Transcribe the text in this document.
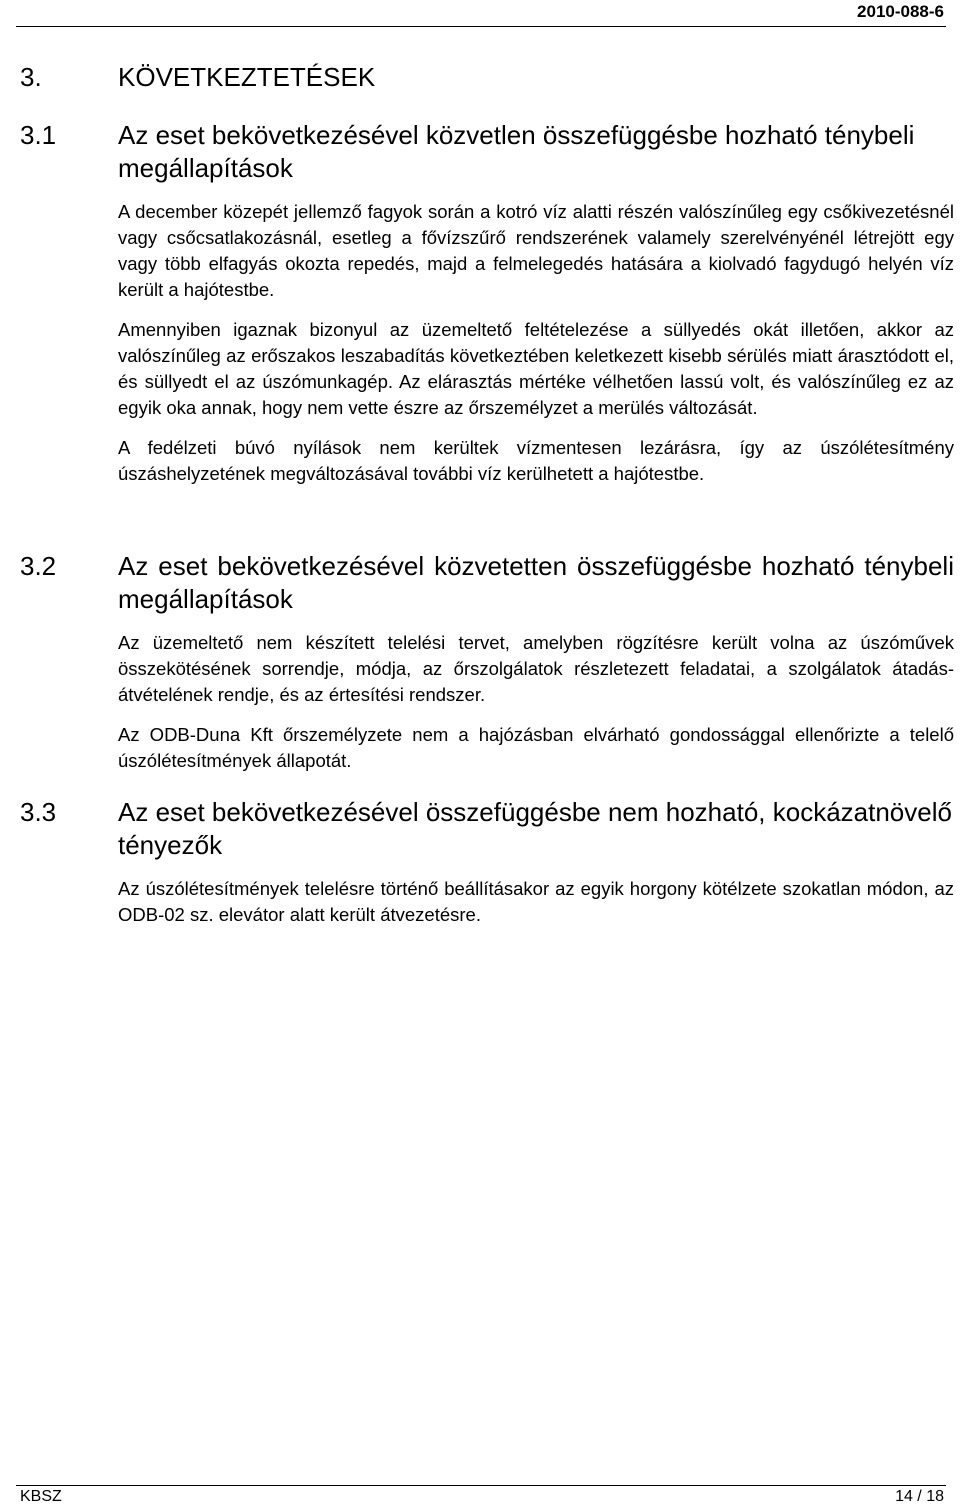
2010-088-6
3.	KÖVETKEZTETÉSEK
3.1	Az eset bekövetkezésével közvetlen összefüggésbe hozható ténybeli megállapítások

A december közepét jellemző fagyok során a kotró víz alatti részén valószínűleg egy csőkivezetésnél vagy csőcsatlakozásnál, esetleg a fővízszűrő rendszerének valamely szerelvényénél létrejött egy vagy több elfagyás okozta repedés, majd a felmelegedés hatására a kiolvadó fagydugó helyén víz került a hajótestbe.

Amennyiben igaznak bizonyul az üzemeltető feltételezése a süllyedés okát illetően, akkor az valószínűleg az erőszakos leszabadítás következtében keletkezett kisebb sérülés miatt árasztódott el, és süllyedt el az úszómunkagép. Az elárasztás mértéke vélhetően lassú volt, és valószínűleg ez az egyik oka annak, hogy nem vette észre az őrszemélyzet a merülés változását.

A fedélzeti búvó nyílások nem kerültek vízmentesen lezárásra, így az úszólétesítmény úszáshelyzetének megváltozásával további víz kerülhetett a hajótestbe.

3.2	Az eset bekövetkezésével közvetetten összefüggésbe hozható ténybeli megállapítások

Az üzemeltető nem készített telelési tervet, amelyben rögzítésre került volna az úszóművek összekötésének sorrendje, módja, az őrszolgálatok részletezett feladatai, a szolgálatok átadás-átvételének rendje, és az értesítési rendszer.

Az ODB-Duna Kft őrszemélyzete nem a hajózásban elvárható gondossággal ellenőrizte a telelő úszólétesítmények állapotát.

3.3	Az eset bekövetkezésével összefüggésbe nem hozható, kockázatnövelő tényezők

Az úszólétesítmények telelésre történő beállításakor az egyik horgony kötélzete szokatlan módon, az ODB-02 sz. elevátor alatt került átvezetésre.

KBSZ	14 / 18
